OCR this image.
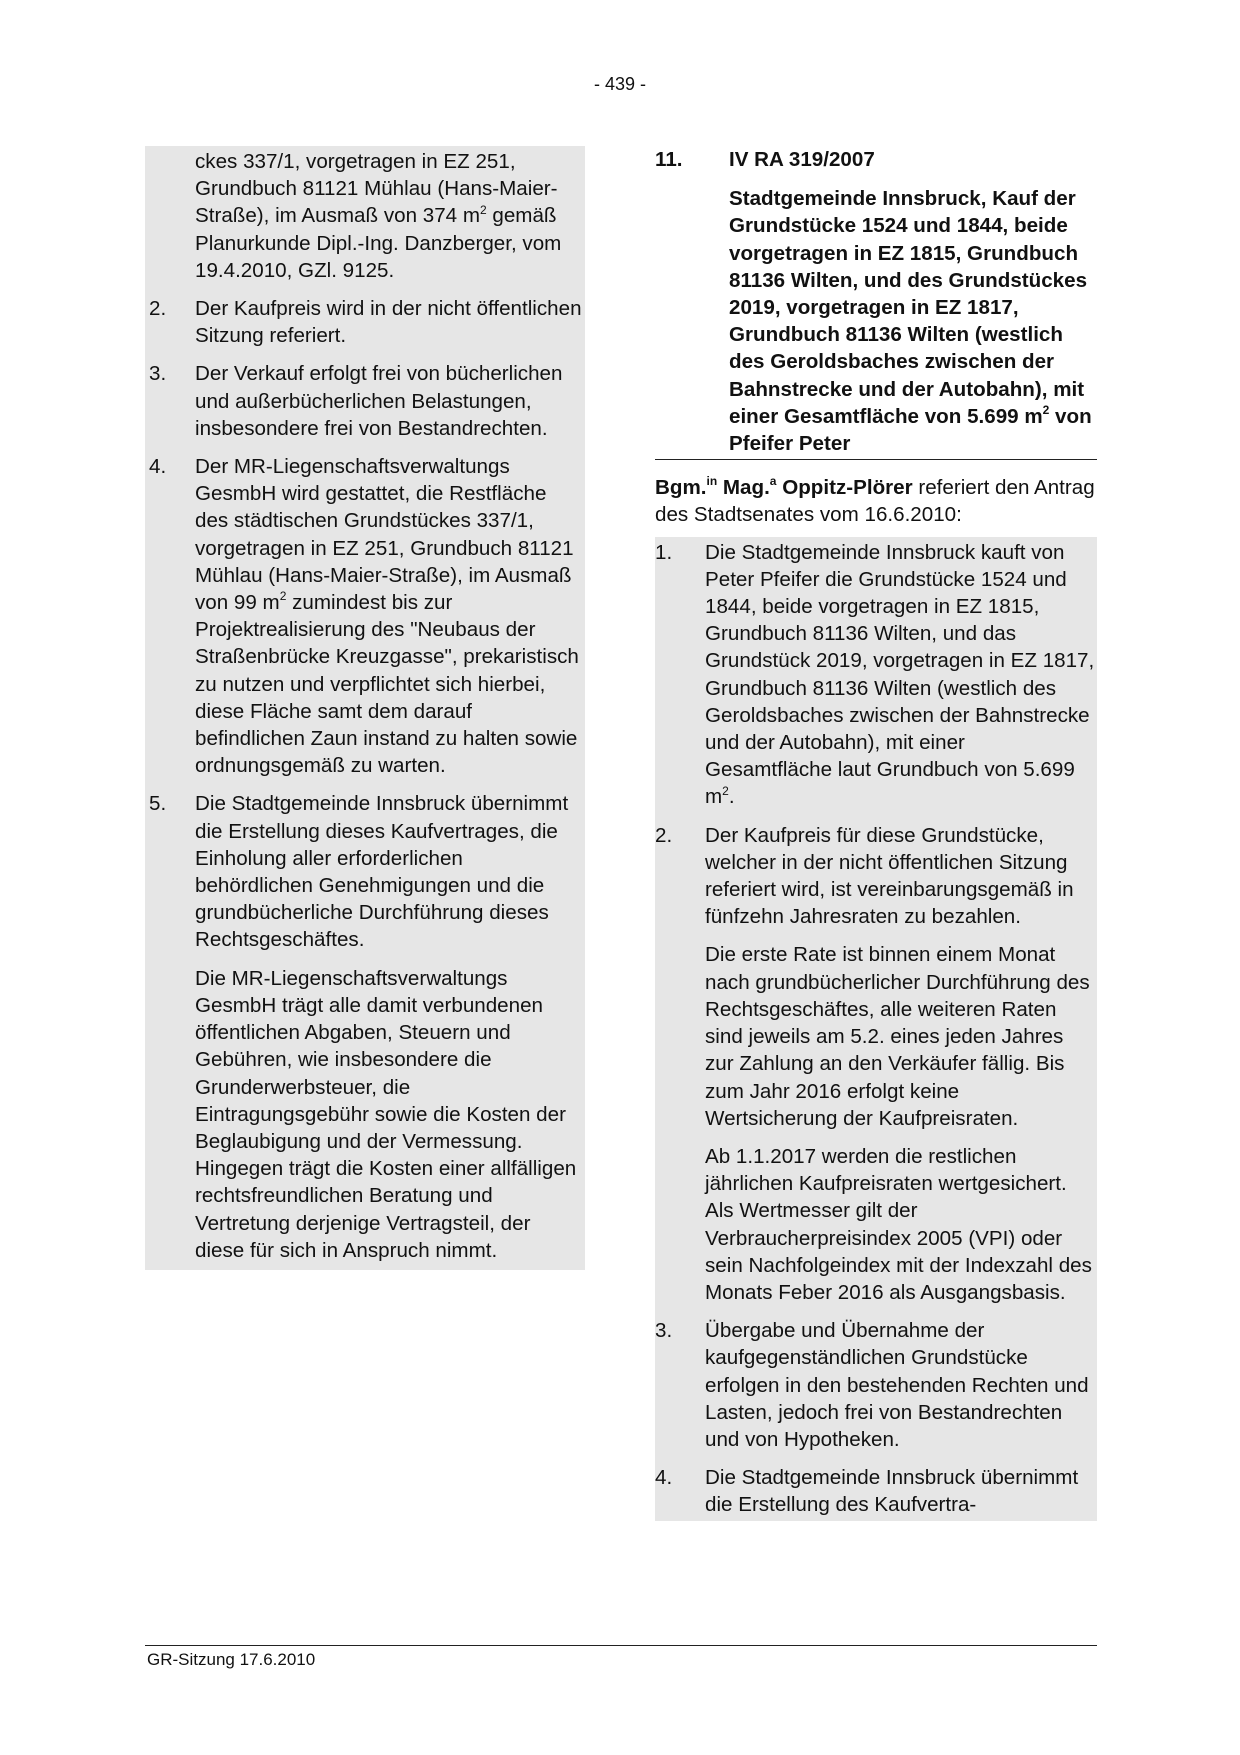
- 439 -
ckes 337/1, vorgetragen in EZ 251, Grundbuch 81121 Mühlau (Hans-Maier-Straße), im Ausmaß von 374 $m^2$ gemäß Planurkunde Dipl.-Ing. Danzberger, vom 19.4.2010, GZl. 9125.
2. Der Kaufpreis wird in der nicht öffentlichen Sitzung referiert.
3. Der Verkauf erfolgt frei von bücherlichen und außerbücherlichen Belastungen, insbesondere frei von Bestandrechten.
4. Der MR-Liegenschaftsverwaltungs GesmbH wird gestattet, die Restfläche des städtischen Grundstückes 337/1, vorgetragen in EZ 251, Grundbuch 81121 Mühlau (Hans-Maier-Straße), im Ausmaß von 99 $m^2$ zumindest bis zur Projektrealisierung des "Neubaus der Straßenbrücke Kreuzgasse", prekaristisch zu nutzen und verpflichtet sich hierbei, diese Fläche samt dem darauf befindlichen Zaun instand zu halten sowie ordnungsgemäß zu warten.
5. Die Stadtgemeinde Innsbruck übernimmt die Erstellung dieses Kaufvertrages, die Einholung aller erforderlichen behördlichen Genehmigungen und die grundbücherliche Durchführung dieses Rechtsgeschäftes.
Die MR-Liegenschaftsverwaltungs GesmbH trägt alle damit verbundenen öffentlichen Abgaben, Steuern und Gebühren, wie insbesondere die Grunderwerbsteuer, die Eintragungsgebühr sowie die Kosten der Beglaubigung und der Vermessung. Hingegen trägt die Kosten einer allfälligen rechtsfreundlichen Beratung und Vertretung derjenige Vertragsteil, der diese für sich in Anspruch nimmt.
11. IV RA 319/2007
Stadtgemeinde Innsbruck, Kauf der Grundstücke 1524 und 1844, beide vorgetragen in EZ 1815, Grundbuch 81136 Wilten, und des Grundstückes 2019, vorgetragen in EZ 1817, Grundbuch 81136 Wilten (westlich des Geroldsbaches zwischen der Bahnstrecke und der Autobahn), mit einer Gesamtfläche von 5.699 $m^2$ von Pfeifer Peter
Bgm.$^{in}$ Mag.$^a$ Oppitz-Plörer referiert den Antrag des Stadtsenates vom 16.6.2010:
1. Die Stadtgemeinde Innsbruck kauft von Peter Pfeifer die Grundstücke 1524 und 1844, beide vorgetragen in EZ 1815, Grundbuch 81136 Wilten, und das Grundstück 2019, vorgetragen in EZ 1817, Grundbuch 81136 Wilten (westlich des Geroldsbaches zwischen der Bahnstrecke und der Autobahn), mit einer Gesamtfläche laut Grundbuch von 5.699 $m^2$.
2. Der Kaufpreis für diese Grundstücke, welcher in der nicht öffentlichen Sitzung referiert wird, ist vereinbarungsgemäß in fünfzehn Jahresraten zu bezahlen.
Die erste Rate ist binnen einem Monat nach grundbücherlicher Durchführung des Rechtsgeschäftes, alle weiteren Raten sind jeweils am 5.2. eines jeden Jahres zur Zahlung an den Verkäufer fällig. Bis zum Jahr 2016 erfolgt keine Wertsicherung der Kaufpreisraten.
Ab 1.1.2017 werden die restlichen jährlichen Kaufpreisraten wertgesichert. Als Wertmesser gilt der Verbraucherpreisindex 2005 (VPI) oder sein Nachfolgeindex mit der Indexzahl des Monats Feber 2016 als Ausgangsbasis.
3. Übergabe und Übernahme der kaufgegenständlichen Grundstücke erfolgen in den bestehenden Rechten und Lasten, jedoch frei von Bestandrechten und von Hypotheken.
4. Die Stadtgemeinde Innsbruck übernimmt die Erstellung des Kaufvertra-
GR-Sitzung 17.6.2010
